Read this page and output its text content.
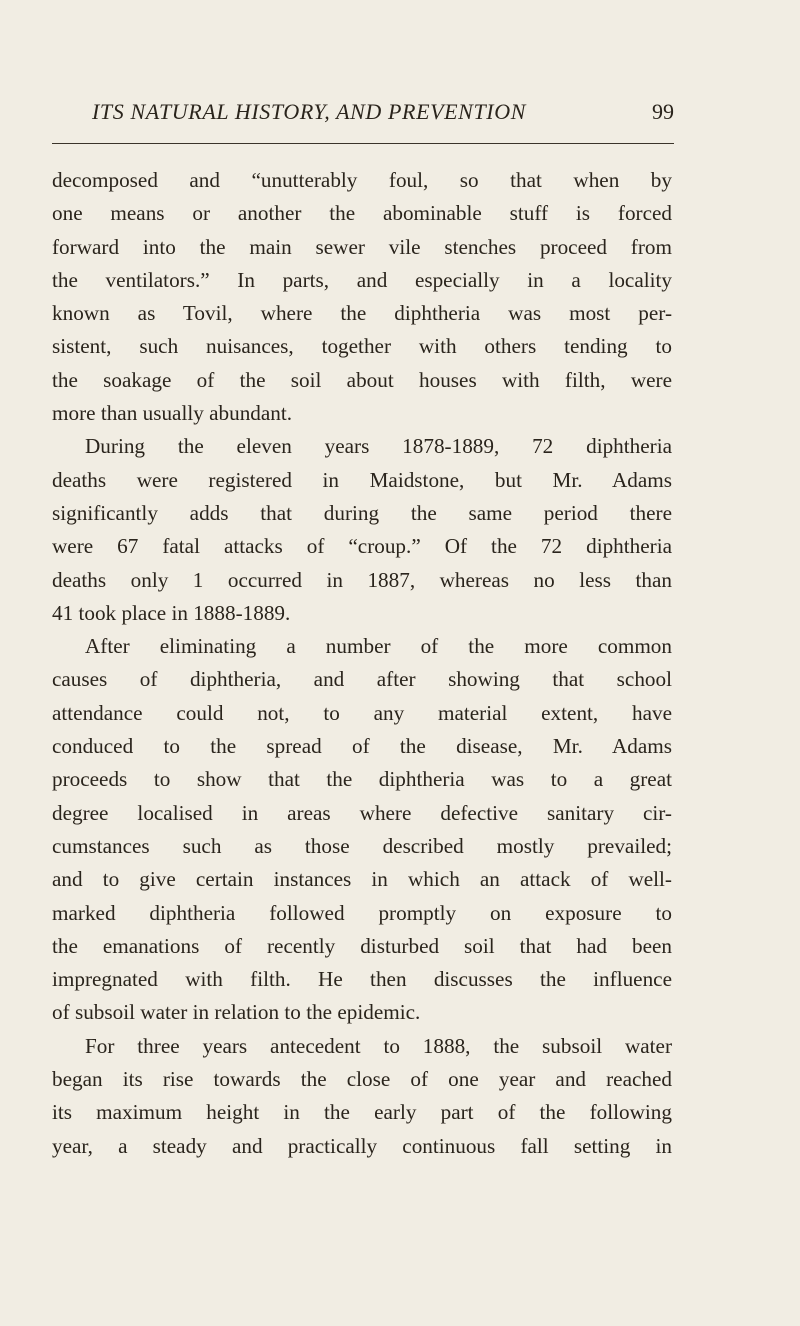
ITS NATURAL HISTORY, AND PREVENTION	99
decomposed and “unutterably foul, so that when by
one means or another the abominable stuff is forced
forward into the main sewer vile stenches proceed from
the ventilators.” In parts, and especially in a locality
known as Tovil, where the diphtheria was most per-
sistent, such nuisances, together with others tending to
the soakage of the soil about houses with filth, were
more than usually abundant.
During the eleven years 1878-1889, 72 diphtheria
deaths were registered in Maidstone, but Mr. Adams
significantly adds that during the same period there
were 67 fatal attacks of “croup.” Of the 72 diphtheria
deaths only 1 occurred in 1887, whereas no less than
41 took place in 1888-1889.
After eliminating a number of the more common
causes of diphtheria, and after showing that school
attendance could not, to any material extent, have
conduced to the spread of the disease, Mr. Adams
proceeds to show that the diphtheria was to a great
degree localised in areas where defective sanitary cir-
cumstances such as those described mostly prevailed;
and to give certain instances in which an attack of well-
marked diphtheria followed promptly on exposure to
the emanations of recently disturbed soil that had been
impregnated with filth. He then discusses the influence
of subsoil water in relation to the epidemic.
For three years antecedent to 1888, the subsoil water
began its rise towards the close of one year and reached
its maximum height in the early part of the following
year, a steady and practically continuous fall setting in
